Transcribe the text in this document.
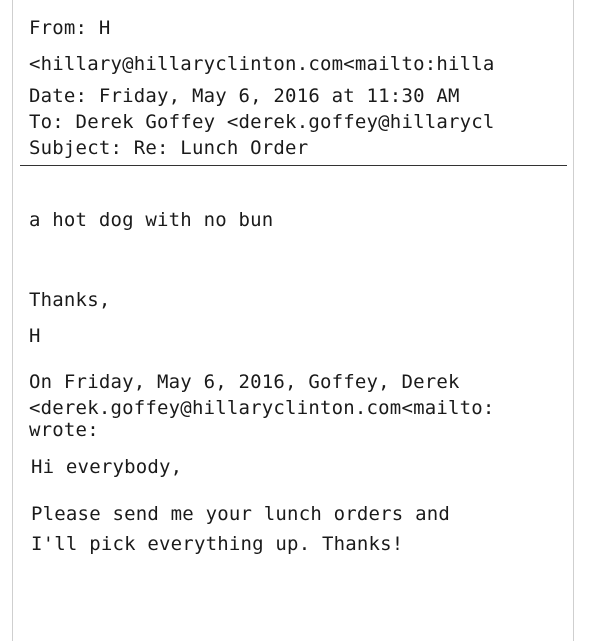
From: H
<hillary@hillaryclinton.com<mailto:hilla
Date: Friday, May 6, 2016 at 11:30 AM
To: Derek Goffey <derek.goffey@hillarycl
Subject: Re: Lunch Order
a hot dog with no bun
Thanks,
H
On Friday, May 6, 2016, Goffey, Derek
<derek.goffey@hillaryclinton.com<mailto:
wrote:
Hi everybody,
Please send me your lunch orders and
I'll pick everything up. Thanks!
